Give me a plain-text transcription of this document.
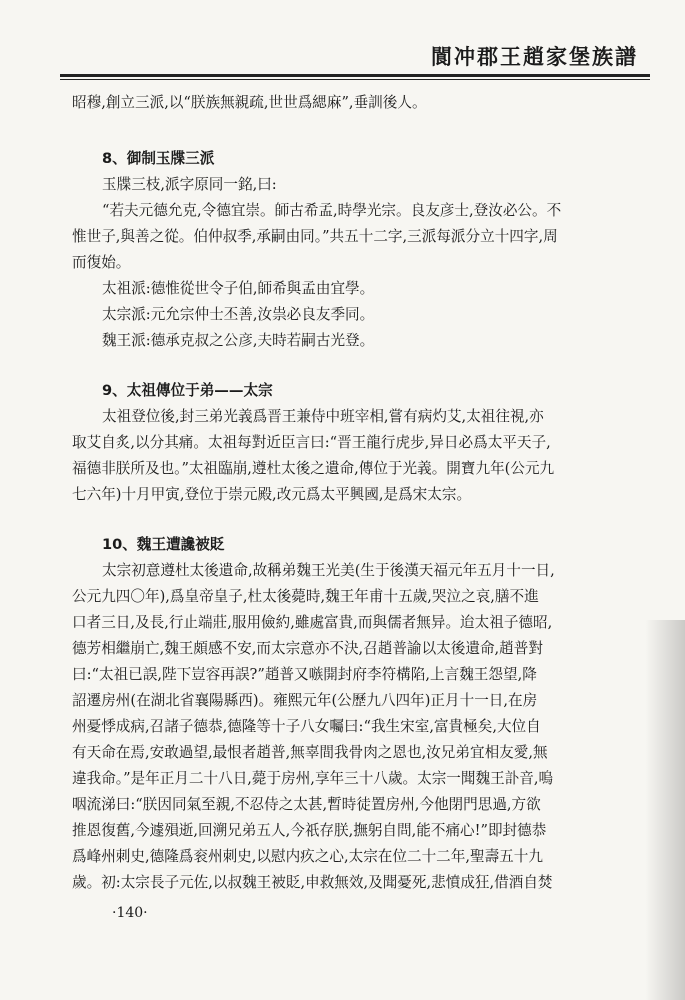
閬冲郡王趙家堡族譜

昭穆,創立三派,以“朕族無親疏,世世爲緦麻”,垂訓後人。

8、御制玉牒三派

玉牒三枝,派字原同一銘,曰:

“若夫元德允克,令德宜崇。師古希孟,時學光宗。良友彦士,登汝必公。不

惟世子,與善之從。伯仲叔季,承嗣由同。”共五十二字,三派每派分立十四字,周

而復始。

太祖派:德惟從世令子伯,師希與孟由宜學。

太宗派:元允宗仲士丕善,汝祟必良友季同。

魏王派:德承克叔之公彦,夫時若嗣古光登。

9、太祖傳位于弟——太宗

太祖登位後,封三弟光義爲晋王兼侍中班宰相,嘗有病灼艾,太祖往視,亦

取艾自炙,以分其痛。太祖每對近臣言曰:“晋王龍行虎步,异日必爲太平天子,

福德非朕所及也。”太祖臨崩,遵杜太後之遺命,傳位于光義。開寶九年(公元九

七六年)十月甲寅,登位于崇元殿,改元爲太平興國,是爲宋太宗。

10、魏王遭讒被貶

太宗初意遵杜太後遺命,故稱弟魏王光美(生于後漢天福元年五月十一日,

公元九四〇年),爲皇帝皇子,杜太後薨時,魏王年甫十五歲,哭泣之哀,膳不進

口者三日,及長,行止端莊,服用儉約,雖處富貴,而與儒者無异。迨太祖子德昭,

德芳相繼崩亡,魏王頗感不安,而太宗意亦不決,召趙普諭以太後遺命,趙普對

曰:“太祖已誤,陛下豈容再誤?”趙普又嗾開封府李符構陷,上言魏王怨望,降

詔遷房州(在湖北省襄陽縣西)。雍熙元年(公歷九八四年)正月十一日,在房

州憂悸成病,召諸子德恭,德隆等十子八女囑曰:“我生宋室,富貴極矣,大位自

有天命在焉,安敢過望,最恨者趙普,無辜間我骨肉之恩也,汝兄弟宜相友愛,無

違我命。”是年正月二十八日,薨于房州,享年三十八歲。太宗一聞魏王訃音,嗚

咽流涕曰:“朕因同氣至親,不忍侍之太甚,暫時徒置房州,今他閉門思過,方欲

推恩復舊,今遽殞逝,回溯兄弟五人,今祇存朕,撫躬自問,能不痛心!”即封德恭

爲峰州刺史,德隆爲衮州刺史,以慰内疚之心,太宗在位二十二年,聖壽五十九

歲。初:太宗長子元佐,以叔魏王被貶,申救無效,及聞憂死,悲憤成狂,借酒自焚

·140·
